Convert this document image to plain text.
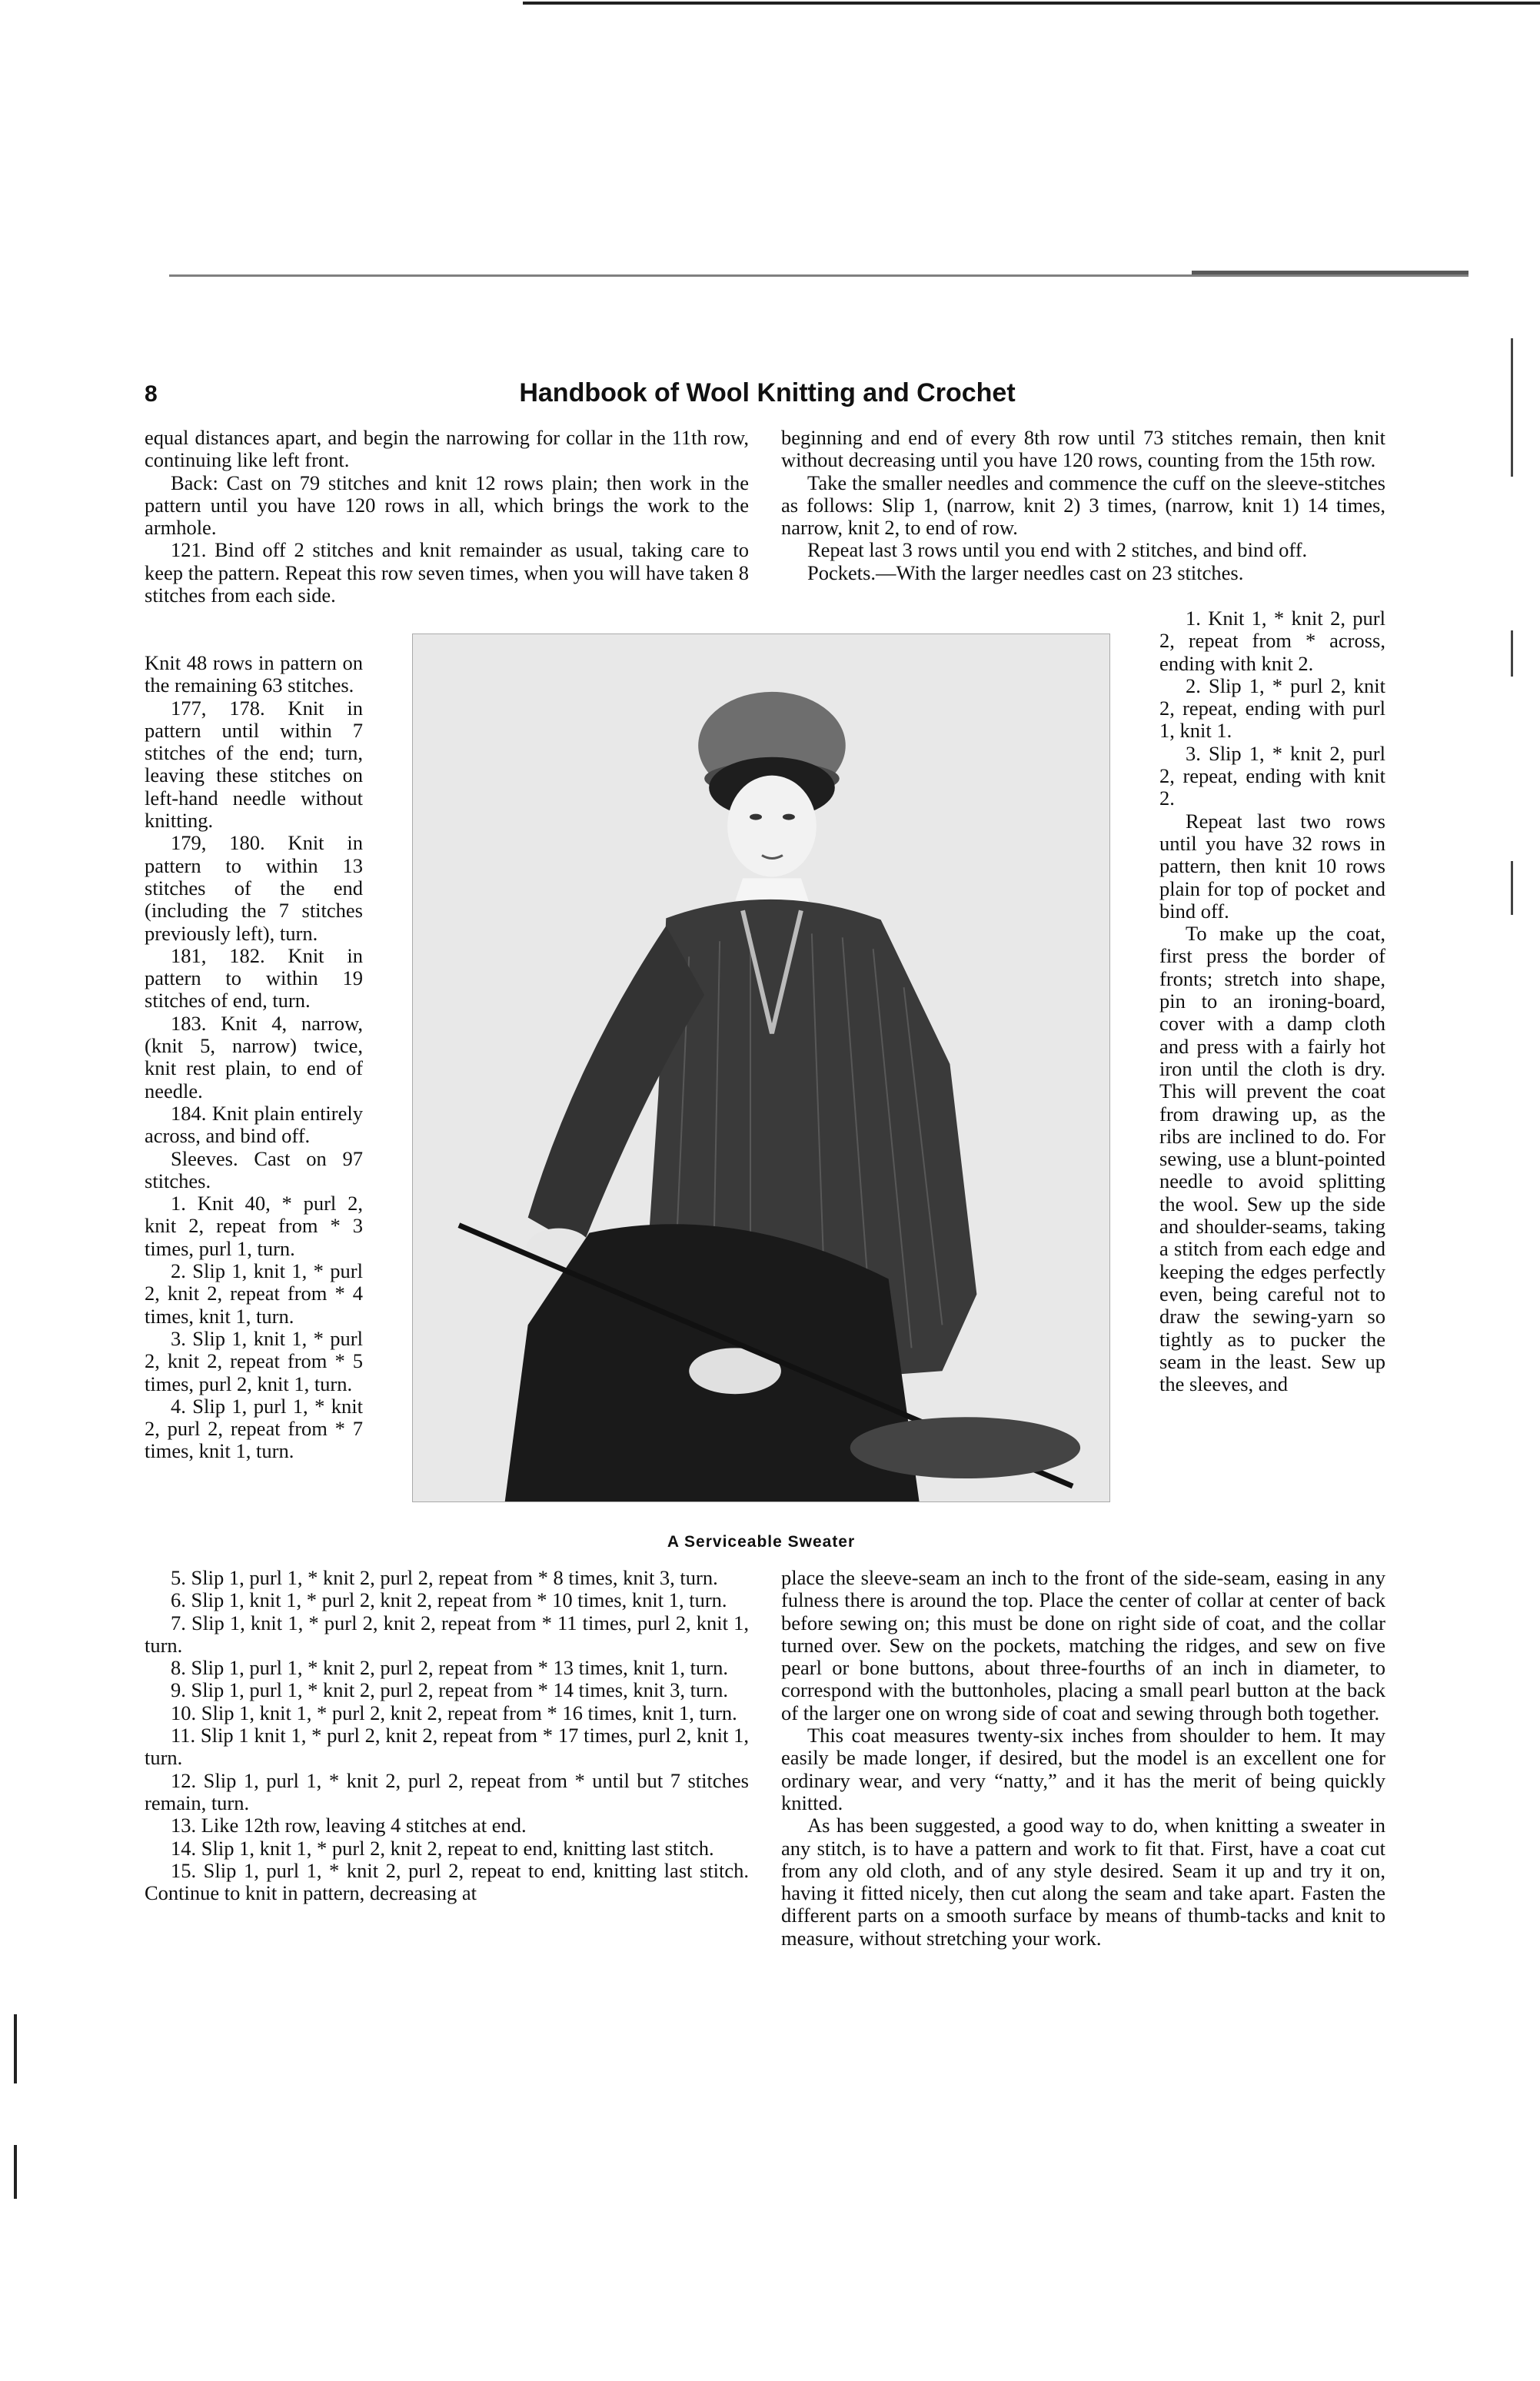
8	Handbook of Wool Knitting and Crochet

equal distances apart, and begin the narrowing for collar in the 11th row, continuing like left front.

Back: Cast on 79 stitches and knit 12 rows plain; then work in the pattern until you have 120 rows in all, which brings the work to the armhole.

121. Bind off 2 stitches and knit remainder as usual, taking care to keep the pattern. Repeat this row seven times, when you will have taken 8 stitches from each side.

Knit 48 rows in pattern on the remaining 63 stitches.

177, 178. Knit in pattern until within 7 stitches of the end; turn, leaving these stitches on left-hand needle without knitting.

179, 180. Knit in pattern to within 13 stitches of the end (including the 7 stitches previously left), turn.

181, 182. Knit in pattern to within 19 stitches of end, turn.

183. Knit 4, narrow, (knit 5, narrow) twice, knit rest plain, to end of needle.

184. Knit plain entirely across, and bind off.

Sleeves. Cast on 97 stitches.

1. Knit 40, * purl 2, knit 2, repeat from * 3 times, purl 1, turn.

2. Slip 1, knit 1, * purl 2, knit 2, repeat from * 4 times, knit 1, turn.

3. Slip 1, knit 1, * purl 2, knit 2, repeat from * 5 times, purl 2, knit 1, turn.

4. Slip 1, purl 1, * knit 2, purl 2, repeat from * 7 times, knit 1, turn.

A Serviceable Sweater

5. Slip 1, purl 1, * knit 2, purl 2, repeat from * 8 times, knit 3, turn.

6. Slip 1, knit 1, * purl 2, knit 2, repeat from * 10 times, knit 1, turn.

7. Slip 1, knit 1, * purl 2, knit 2, repeat from * 11 times, purl 2, knit 1, turn.

8. Slip 1, purl 1, * knit 2, purl 2, repeat from * 13 times, knit 1, turn.

9. Slip 1, purl 1, * knit 2, purl 2, repeat from * 14 times, knit 3, turn.

10. Slip 1, knit 1, * purl 2, knit 2, repeat from * 16 times, knit 1, turn.

11. Slip 1 knit 1, * purl 2, knit 2, repeat from * 17 times, purl 2, knit 1, turn.

12. Slip 1, purl 1, * knit 2, purl 2, repeat from * until but 7 stitches remain, turn.

13. Like 12th row, leaving 4 stitches at end.

14. Slip 1, knit 1, * purl 2, knit 2, repeat to end, knitting last stitch.

15. Slip 1, purl 1, * knit 2, purl 2, repeat to end, knitting last stitch. Continue to knit in pattern, decreasing at

beginning and end of every 8th row until 73 stitches remain, then knit without decreasing until you have 120 rows, counting from the 15th row.

Take the smaller needles and commence the cuff on the sleeve-stitches as follows: Slip 1, (narrow, knit 2) 3 times, (narrow, knit 1) 14 times, narrow, knit 2, to end of row.

Repeat last 3 rows until you end with 2 stitches, and bind off.

Pockets.—With the larger needles cast on 23 stitches.

1. Knit 1, * knit 2, purl 2, repeat from * across, ending with knit 2.

2. Slip 1, * purl 2, knit 2, repeat, ending with purl 1, knit 1.

3. Slip 1, * knit 2, purl 2, repeat, ending with knit 2.

Repeat last two rows until you have 32 rows in pattern, then knit 10 rows plain for top of pocket and bind off.

To make up the coat, first press the border of fronts; stretch into shape, pin to an ironing-board, cover with a damp cloth and press with a fairly hot iron until the cloth is dry. This will prevent the coat from drawing up, as the ribs are inclined to do. For sewing, use a blunt-pointed needle to avoid splitting the wool. Sew up the side and shoulder-seams, taking a stitch from each edge and keeping the edges perfectly even, being careful not to draw the sewing-yarn so tightly as to pucker the seam in the least. Sew up the sleeves, and

place the sleeve-seam an inch to the front of the side-seam, easing in any fulness there is around the top. Place the center of collar at center of back before sewing on; this must be done on right side of coat, and the collar turned over. Sew on the pockets, matching the ridges, and sew on five pearl or bone buttons, about three-fourths of an inch in diameter, to correspond with the buttonholes, placing a small pearl button at the back of the larger one on wrong side of coat and sewing through both together.

This coat measures twenty-six inches from shoulder to hem. It may easily be made longer, if desired, but the model is an excellent one for ordinary wear, and very “natty,” and it has the merit of being quickly knitted.

As has been suggested, a good way to do, when knitting a sweater in any stitch, is to have a pattern and work to fit that. First, have a coat cut from any old cloth, and of any style desired. Seam it up and try it on, having it fitted nicely, then cut along the seam and take apart. Fasten the different parts on a smooth surface by means of thumb-tacks and knit to measure, without stretching your work.
